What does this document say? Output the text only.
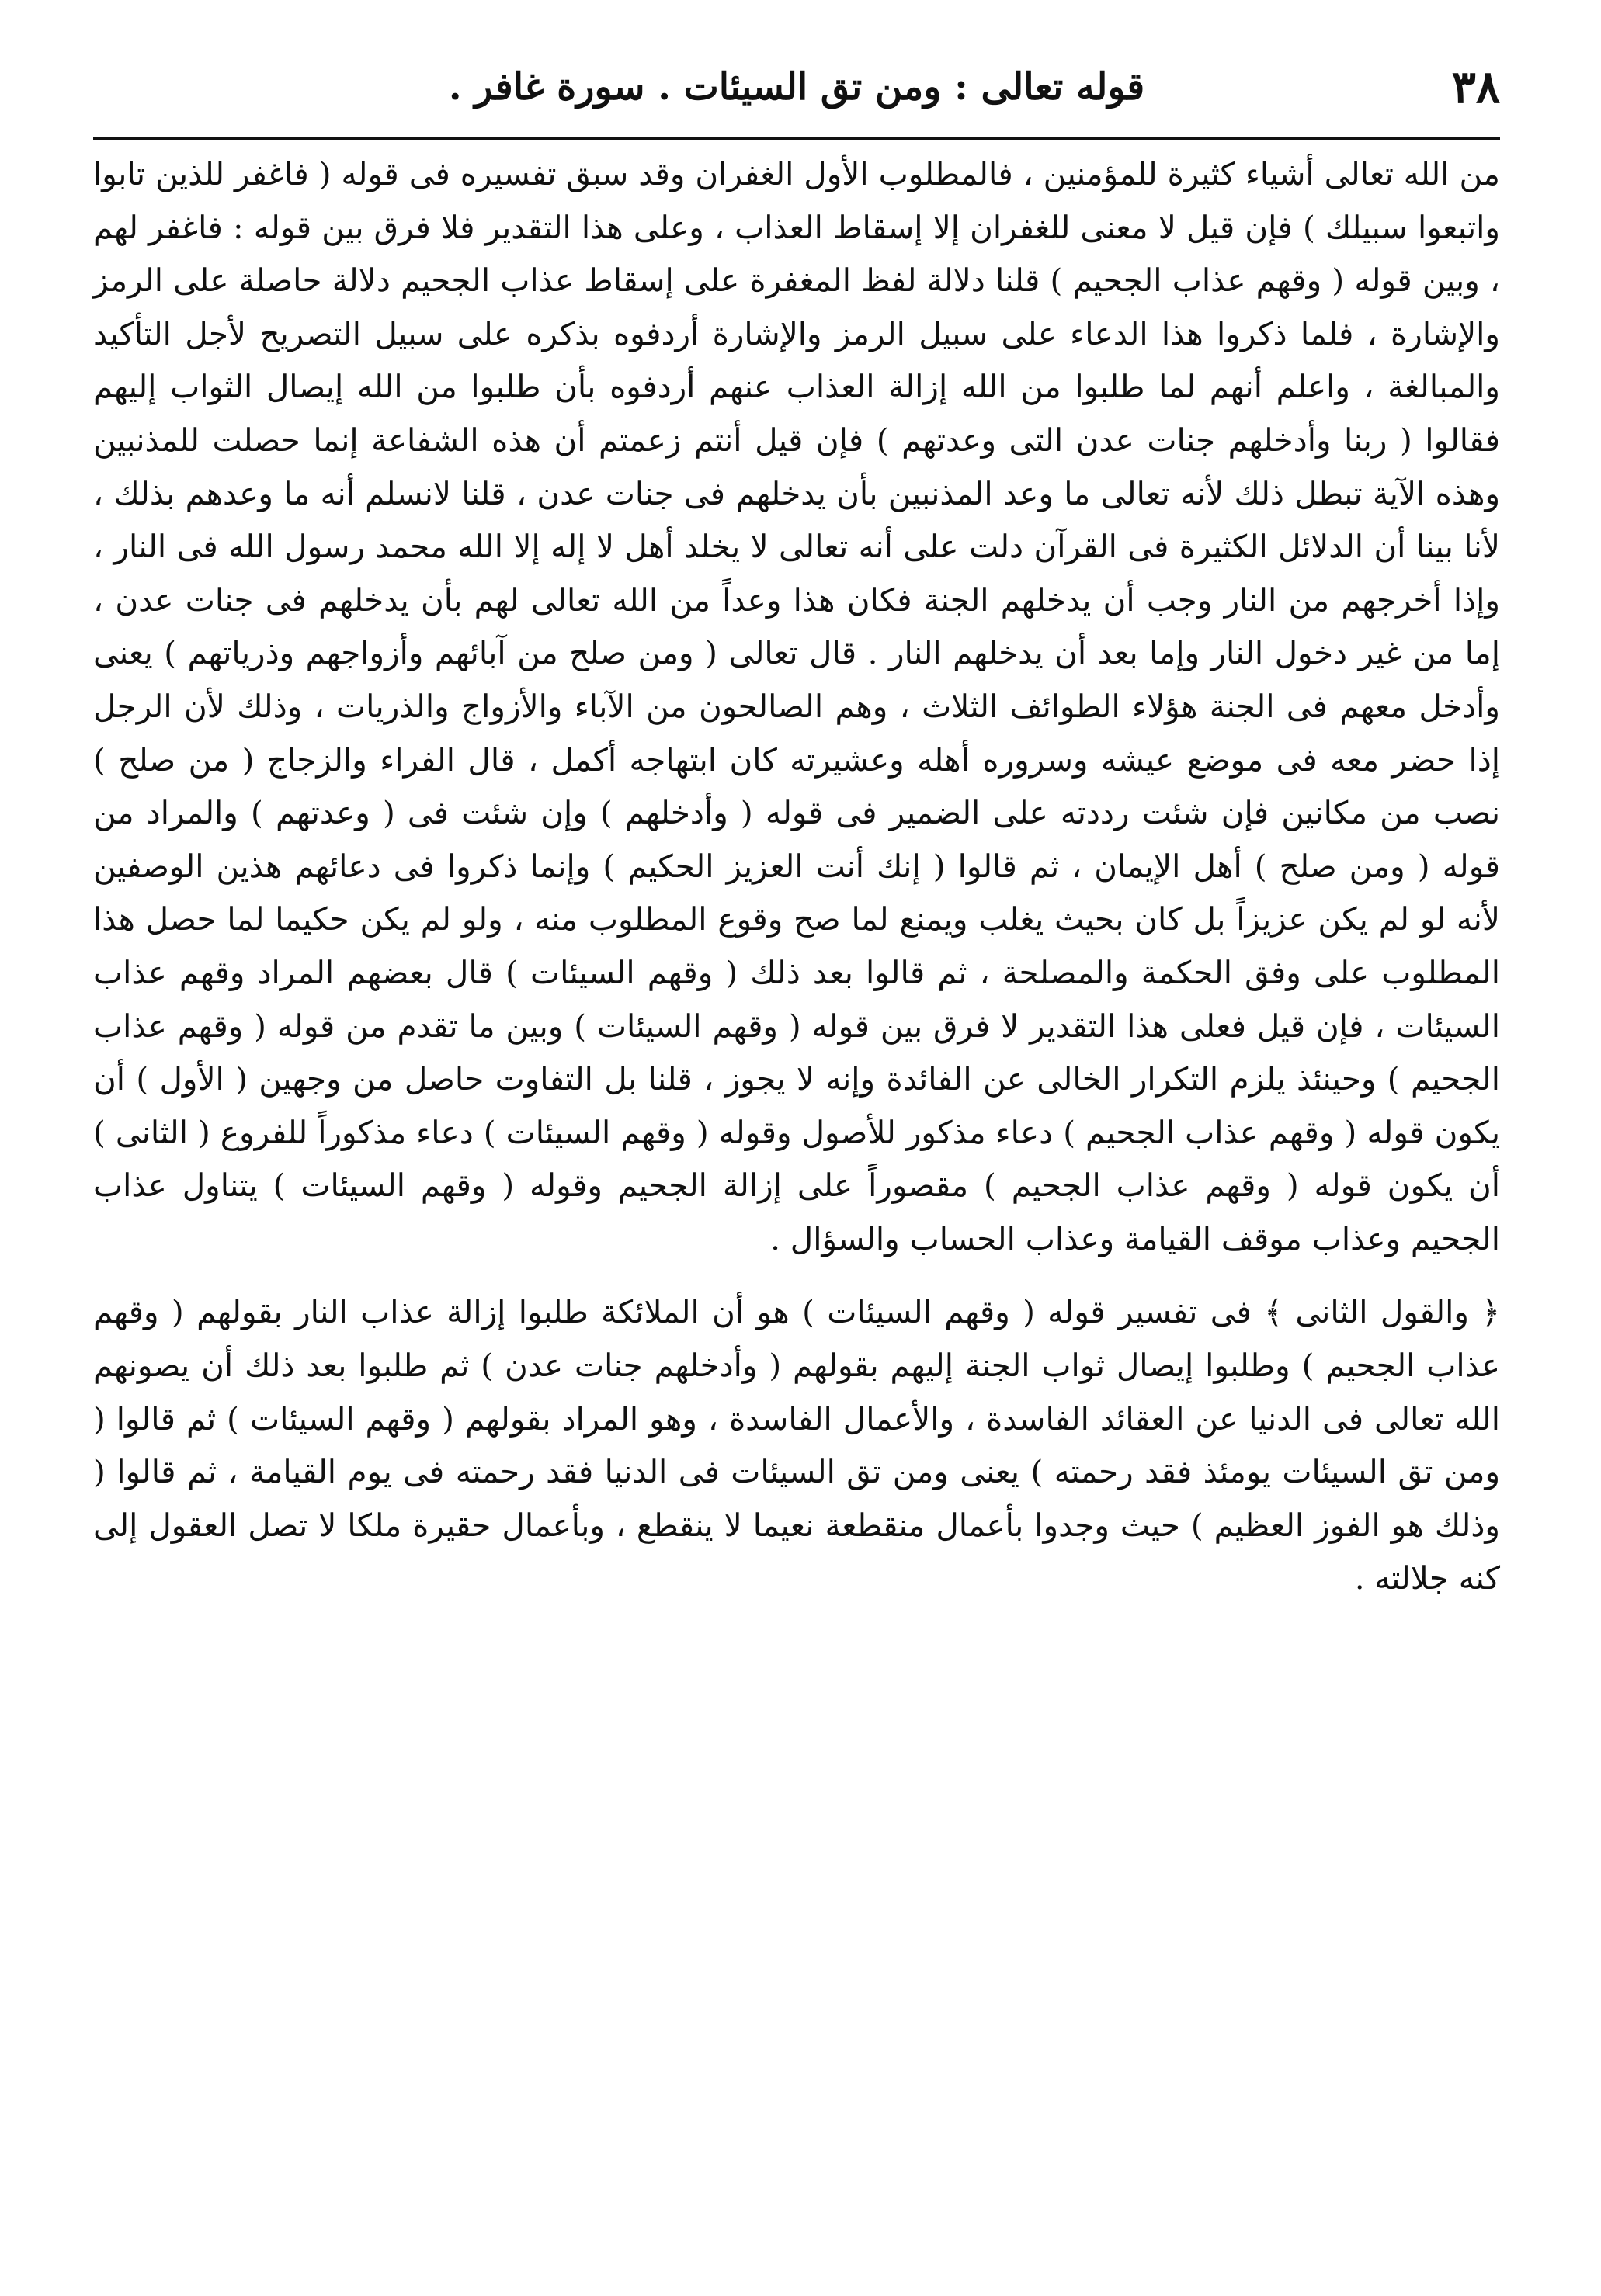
٣٨
قوله تعالى : ومن تق السيئات . سورة غافر .

من الله تعالى أشياء كثيرة للمؤمنين ، فالمطلوب الأول الغفران وقد سبق تفسيره فى قوله ( فاغفر للذين تابوا واتبعوا سبيلك ) فإن قيل لا معنى للغفران إلا إسقاط العذاب ، وعلى هذا التقدير فلا فرق بين قوله : فاغفر لهم ، وبين قوله ( وقهم عذاب الجحيم ) قلنا دلالة لفظ المغفرة على إسقاط عذاب الجحيم دلالة حاصلة على الرمز والإشارة ، فلما ذكروا هذا الدعاء على سبيل الرمز والإشارة أردفوه بذكره على سبيل التصريح لأجل التأكيد والمبالغة ، واعلم أنهم لما طلبوا من الله إزالة العذاب عنهم أردفوه بأن طلبوا من الله إيصال الثواب إليهم فقالوا ( ربنا وأدخلهم جنات عدن التى وعدتهم ) فإن قيل أنتم زعمتم أن هذه الشفاعة إنما حصلت للمذنبين وهذه الآية تبطل ذلك لأنه تعالى ما وعد المذنبين بأن يدخلهم فى جنات عدن ، قلنا لانسلم أنه ما وعدهم بذلك ، لأنا بينا أن الدلائل الكثيرة فى القرآن دلت على أنه تعالى لا يخلد أهل لا إله إلا الله محمد رسول الله فى النار ، وإذا أخرجهم من النار وجب أن يدخلهم الجنة فكان هذا وعداً من الله تعالى لهم بأن يدخلهم فى جنات عدن ، إما من غير دخول النار وإما بعد أن يدخلهم النار . قال تعالى ( ومن صلح من آبائهم وأزواجهم وذرياتهم ) يعنى وأدخل معهم فى الجنة هؤلاء الطوائف الثلاث ، وهم الصالحون من الآباء والأزواج والذريات ، وذلك لأن الرجل إذا حضر معه فى موضع عيشه وسروره أهله وعشيرته كان ابتهاجه أكمل ، قال الفراء والزجاج ( من صلح ) نصب من مكانين فإن شئت رددته على الضمير فى قوله ( وأدخلهم ) وإن شئت فى ( وعدتهم ) والمراد من قوله ( ومن صلح ) أهل الإيمان ، ثم قالوا ( إنك أنت العزيز الحكيم ) وإنما ذكروا فى دعائهم هذين الوصفين لأنه لو لم يكن عزيزاً بل كان بحيث يغلب ويمنع لما صح وقوع المطلوب منه ، ولو لم يكن حكيما لما حصل هذا المطلوب على وفق الحكمة والمصلحة ، ثم قالوا بعد ذلك ( وقهم السيئات ) قال بعضهم المراد وقهم عذاب السيئات ، فإن قيل فعلى هذا التقدير لا فرق بين قوله ( وقهم السيئات ) وبين ما تقدم من قوله ( وقهم عذاب الجحيم ) وحينئذ يلزم التكرار الخالى عن الفائدة وإنه لا يجوز ، قلنا بل التفاوت حاصل من وجهين ( الأول ) أن يكون قوله ( وقهم عذاب الجحيم ) دعاء مذكور للأصول وقوله ( وقهم السيئات ) دعاء مذكوراً للفروع ( الثانى ) أن يكون قوله ( وقهم عذاب الجحيم ) مقصوراً على إزالة الجحيم وقوله ( وقهم السيئات ) يتناول عذاب الجحيم وعذاب موقف القيامة وعذاب الحساب والسؤال .

﴿ والقول الثانى ﴾ فى تفسير قوله ( وقهم السيئات ) هو أن الملائكة طلبوا إزالة عذاب النار بقولهم ( وقهم عذاب الجحيم ) وطلبوا إيصال ثواب الجنة إليهم بقولهم ( وأدخلهم جنات عدن ) ثم طلبوا بعد ذلك أن يصونهم الله تعالى فى الدنيا عن العقائد الفاسدة ، والأعمال الفاسدة ، وهو المراد بقولهم ( وقهم السيئات ) ثم قالوا ( ومن تق السيئات يومئذ فقد رحمته ) يعنى ومن تق السيئات فى الدنيا فقد رحمته فى يوم القيامة ، ثم قالوا ( وذلك هو الفوز العظيم ) حيث وجدوا بأعمال منقطعة نعيما لا ينقطع ، وبأعمال حقيرة ملكا لا تصل العقول إلى كنه جلالته .
